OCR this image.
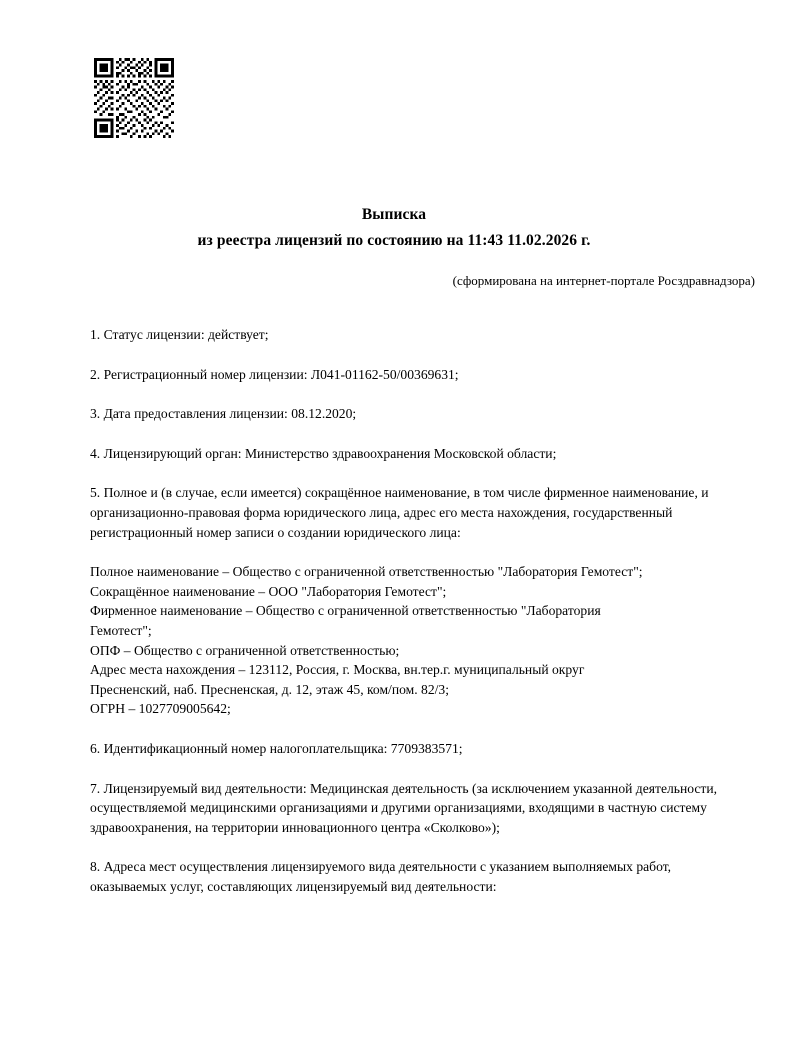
Выписка
из реестра лицензий по состоянию на 11:43 11.02.2026 г.
(сформирована на интернет-портале Росздравнадзора)

1. Статус лицензии: действует;

2. Регистрационный номер лицензии: Л041-01162-50/00369631;

3. Дата предоставления лицензии: 08.12.2020;

4. Лицензирующий орган: Министерство здравоохранения Московской области;

5. Полное и (в случае, если имеется) сокращённое наименование, в том числе фирменное наименование, и организационно-правовая форма юридического лица, адрес его места нахождения, государственный регистрационный номер записи о создании юридического лица:

Полное наименование – Общество с ограниченной ответственностью "Лаборатория Гемотест";

Сокращённое наименование – ООО "Лаборатория Гемотест";

Фирменное наименование – Общество с ограниченной ответственностью "Лаборатория

Гемотест";

ОПФ – Общество с ограниченной ответственностью;

Адрес места нахождения – 123112, Россия, г. Москва, вн.тер.г. муниципальный округ

Пресненский, наб. Пресненская, д. 12, этаж 45, ком/пом. 82/3;

ОГРН – 1027709005642;

6. Идентификационный номер налогоплательщика: 7709383571;

7. Лицензируемый вид деятельности: Медицинская деятельность (за исключением указанной деятельности, осуществляемой медицинскими организациями и другими организациями, входящими в частную систему здравоохранения, на территории инновационного центра «Сколково»);

8. Адреса мест осуществления лицензируемого вида деятельности с указанием выполняемых работ, оказываемых услуг, составляющих лицензируемый вид деятельности:
